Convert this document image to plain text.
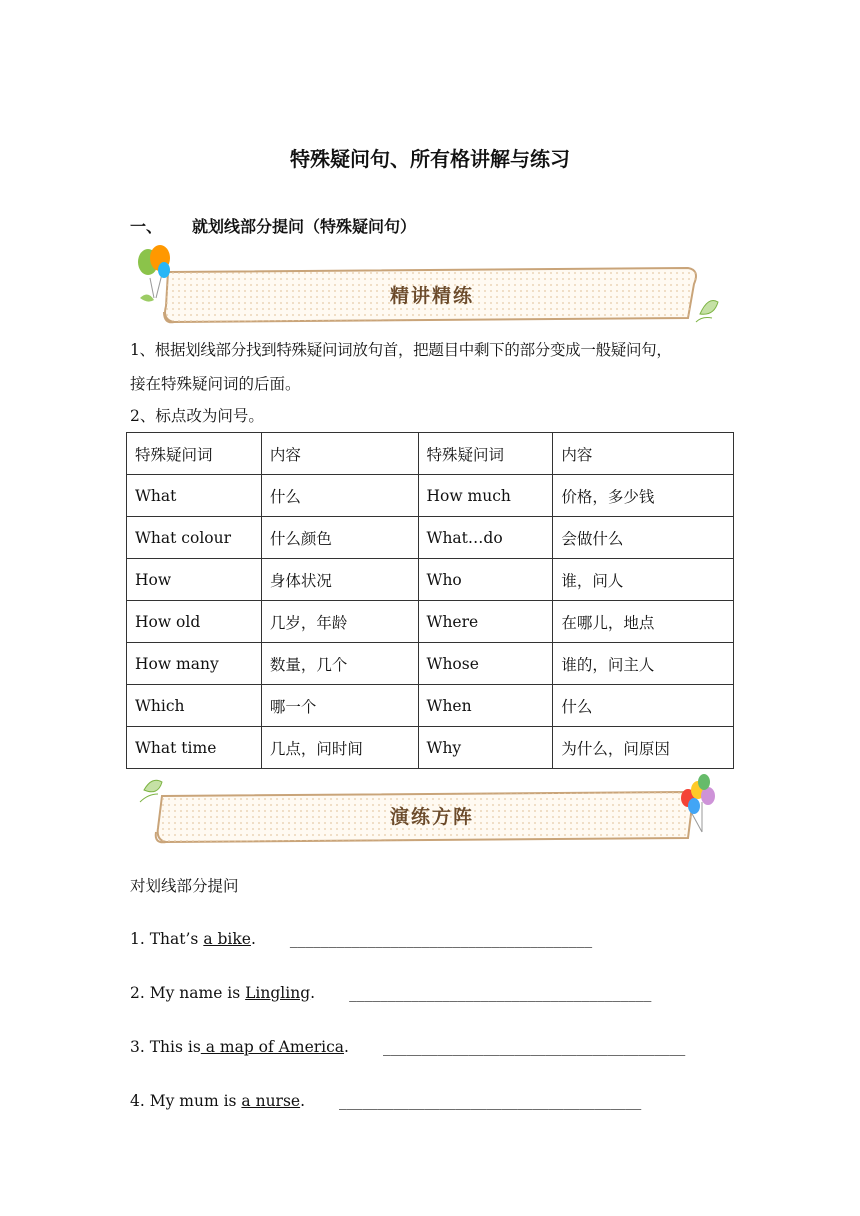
特殊疑问句、所有格讲解与练习
一、 就划线部分提问（特殊疑问句）
精讲精练
1、根据划线部分找到特殊疑问词放句首，把题目中剩下的部分变成一般疑问句，
接在特殊疑问词的后面。
2、标点改为问号。
特殊疑问词	内容	特殊疑问词	内容
What	什么	How much	价格，多少钱
What colour	什么颜色	What…do	会做什么
How	身体状况	Who	谁，问人
How old	几岁，年龄	Where	在哪儿，地点
How many	数量，几个	Whose	谁的，问主人
Which	哪一个	When	什么
What time	几点，问时间	Why	为什么，问原因
演练方阵
对划线部分提问
1. That’s a bike. _______________________________________
2. My name is Lingling. _______________________________________
3. This is a map of America. _______________________________________
4. My mum is a nurse. _______________________________________
